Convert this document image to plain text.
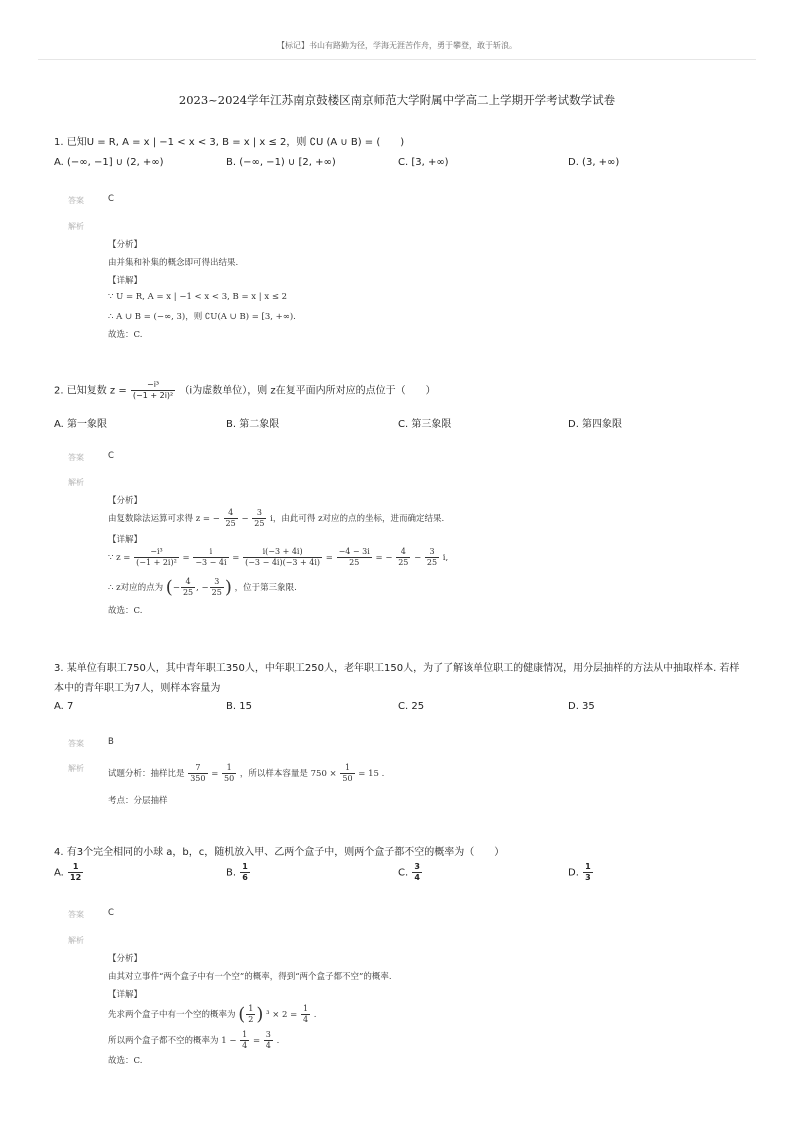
【标记】书山有路勤为径，学海无涯苦作舟，勇于攀登，敢于斩浪。
2023~2024学年江苏南京鼓楼区南京师范大学附属中学高二上学期开学考试数学试卷
1. 已知U = R, A = x | −1 < x < 3, B = x | x ≤ 2，则 ∁U (A ∪ B) = (　　)
A. (−∞, −1] ∪ (2, +∞)	B. (−∞, −1) ∪ [2, +∞)	C. [3, +∞)	D. (3, +∞)
答案	C
解析
【分析】
由并集和补集的概念即可得出结果.
【详解】
∵ U = R, A = x | −1 < x < 3, B = x | x ≤ 2
∴ A ∪ B = (−∞, 3)，则 ∁U(A ∪ B) = [3, +∞).
故选：C.
2. 已知复数 $z = \frac{\text{−i³}}{\text{(−1 + 2i)²}} (i$为虚数单位），则 z在复平面内所对应的点位于（　　）
A. 第一象限	B. 第二象限	C. 第三象限	D. 第四象限
答案	C
解析
【分析】
由复数除法运算可求得 z = − $\frac{4}{25} - \frac{3}{25}$ i，由此可得 z对应的点的坐标，进而确定结果.
【详解】
∵ $z = \frac{\text{−i³}}{\text{(−1 + 2i)²}} = \frac{i}{-3 - 4i} = \frac{i(-3 + 4i)}{(-3 - 4i)(-3 + 4i)} = \frac{-4 - 3i}{25}$ = − $\frac{4}{25} - \frac{3}{25} i$,
∴ z对应的点为 (− $\frac{4}{25}$ , − $\frac{3}{25}$ ) ，位于第三象限.
故选：C.
3. 某单位有职工750人，其中青年职工350人，中年职工250人，老年职工150人，为了了解该单位职工的健康情况，用分层抽样的方法从中抽取样本. 若样本中的青年职工为7人，则样本容量为
A. 7	B. 15	C. 25	D. 35
答案	B
解析
试题分析：抽样比是 $\frac{7}{350} = \frac{1}{50}$ ，所以样本容量是 $750 \times \frac{1}{50} = 15$ .
考点：分层抽样
4. 有3个完全相同的小球 a，b，c，随机放入甲、乙两个盒子中，则两个盒子都不空的概率为（　　）
A. $\frac{1}{12}$	B. $\frac{1}{6}$	C. $\frac{3}{4}$	D. $\frac{1}{3}$
答案	C
解析
【分析】
由其对立事件“两个盒子中有一个空”的概率，得到“两个盒子都不空”的概率.
【详解】
先求两个盒子中有一个空的概率为 ( $\frac{1}{2}$ ) $^3 \times 2 = \frac{1}{4}$ .
所以两个盒子都不空的概率为 $1 - \frac{1}{4} = \frac{3}{4}$ .
故选：C.
